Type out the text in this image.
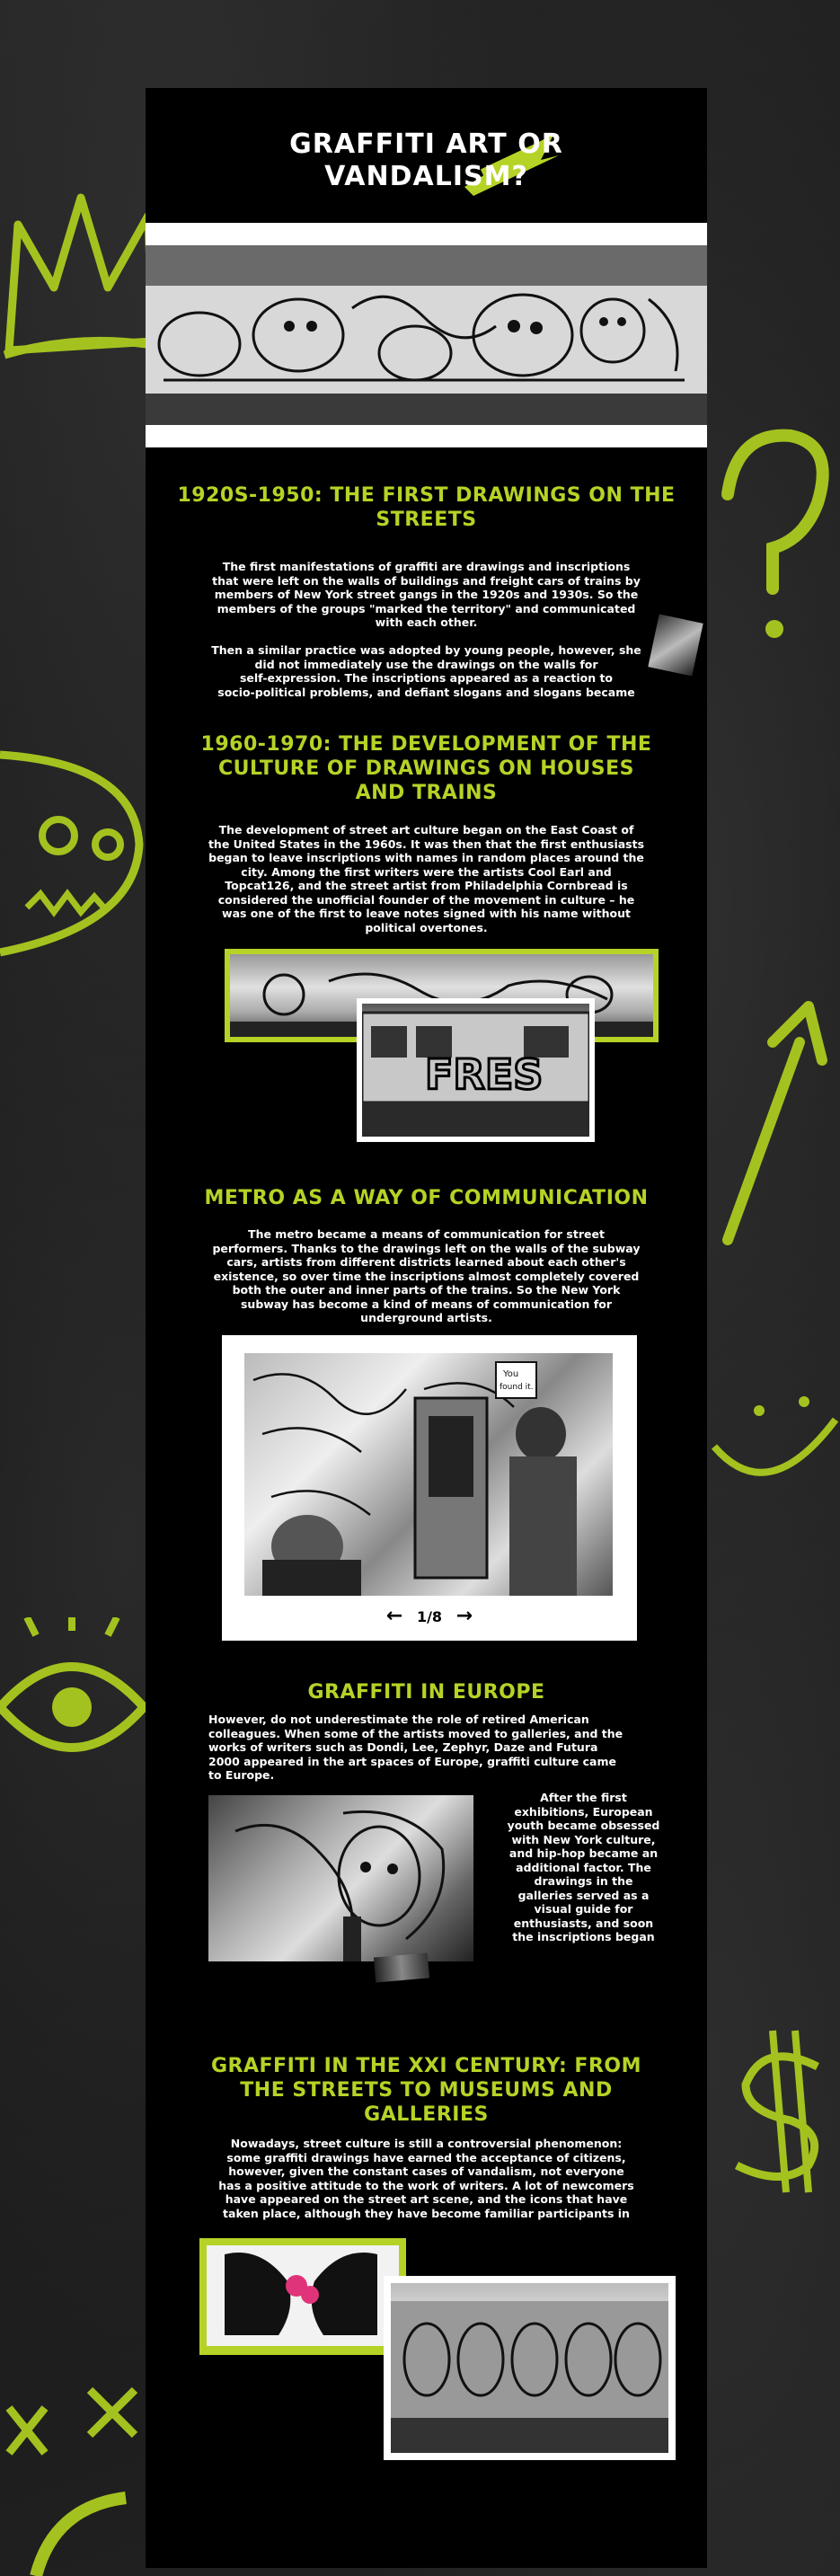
GRAFFITI ART OR
VANDALISM?
1920S-1950: THE FIRST DRAWINGS ON THE
STREETS
The first manifestations of graffiti are drawings and inscriptions
that were left on the walls of buildings and freight cars of trains by
members of New York street gangs in the 1920s and 1930s. So the
members of the groups "marked the territory" and communicated
with each other.
Then a similar practice was adopted by young people, however, she
did not immediately use the drawings on the walls for
self-expression. The inscriptions appeared as a reaction to
socio-political problems, and defiant slogans and slogans became
1960-1970: THE DEVELOPMENT OF THE
CULTURE OF DRAWINGS ON HOUSES
AND TRAINS
The development of street art culture began on the East Coast of
the United States in the 1960s. It was then that the first enthusiasts
began to leave inscriptions with names in random places around the
city. Among the first writers were the artists Cool Earl and
Topcat126, and the street artist from Philadelphia Cornbread is
considered the unofficial founder of the movement in culture – he
was one of the first to leave notes signed with his name without
political overtones.
FRES
METRO AS A WAY OF COMMUNICATION
The metro became a means of communication for street
performers. Thanks to the drawings left on the walls of the subway
cars, artists from different districts learned about each other's
existence, so over time the inscriptions almost completely covered
both the outer and inner parts of the trains. So the New York
subway has become a kind of means of communication for
underground artists.
You
found it.
← 1/8 →
GRAFFITI IN EUROPE
However, do not underestimate the role of retired American
colleagues. When some of the artists moved to galleries, and the
works of writers such as Dondi, Lee, Zephyr, Daze and Futura
2000 appeared in the art spaces of Europe, graffiti culture came
to Europe.
After the first
exhibitions, European
youth became obsessed
with New York culture,
and hip-hop became an
additional factor. The
drawings in the
galleries served as a
visual guide for
enthusiasts, and soon
the inscriptions began
GRAFFITI IN THE XXI CENTURY: FROM
THE STREETS TO MUSEUMS AND
GALLERIES
Nowadays, street culture is still a controversial phenomenon:
some graffiti drawings have earned the acceptance of citizens,
however, given the constant cases of vandalism, not everyone
has a positive attitude to the work of writers. A lot of newcomers
have appeared on the street art scene, and the icons that have
taken place, although they have become familiar participants in
